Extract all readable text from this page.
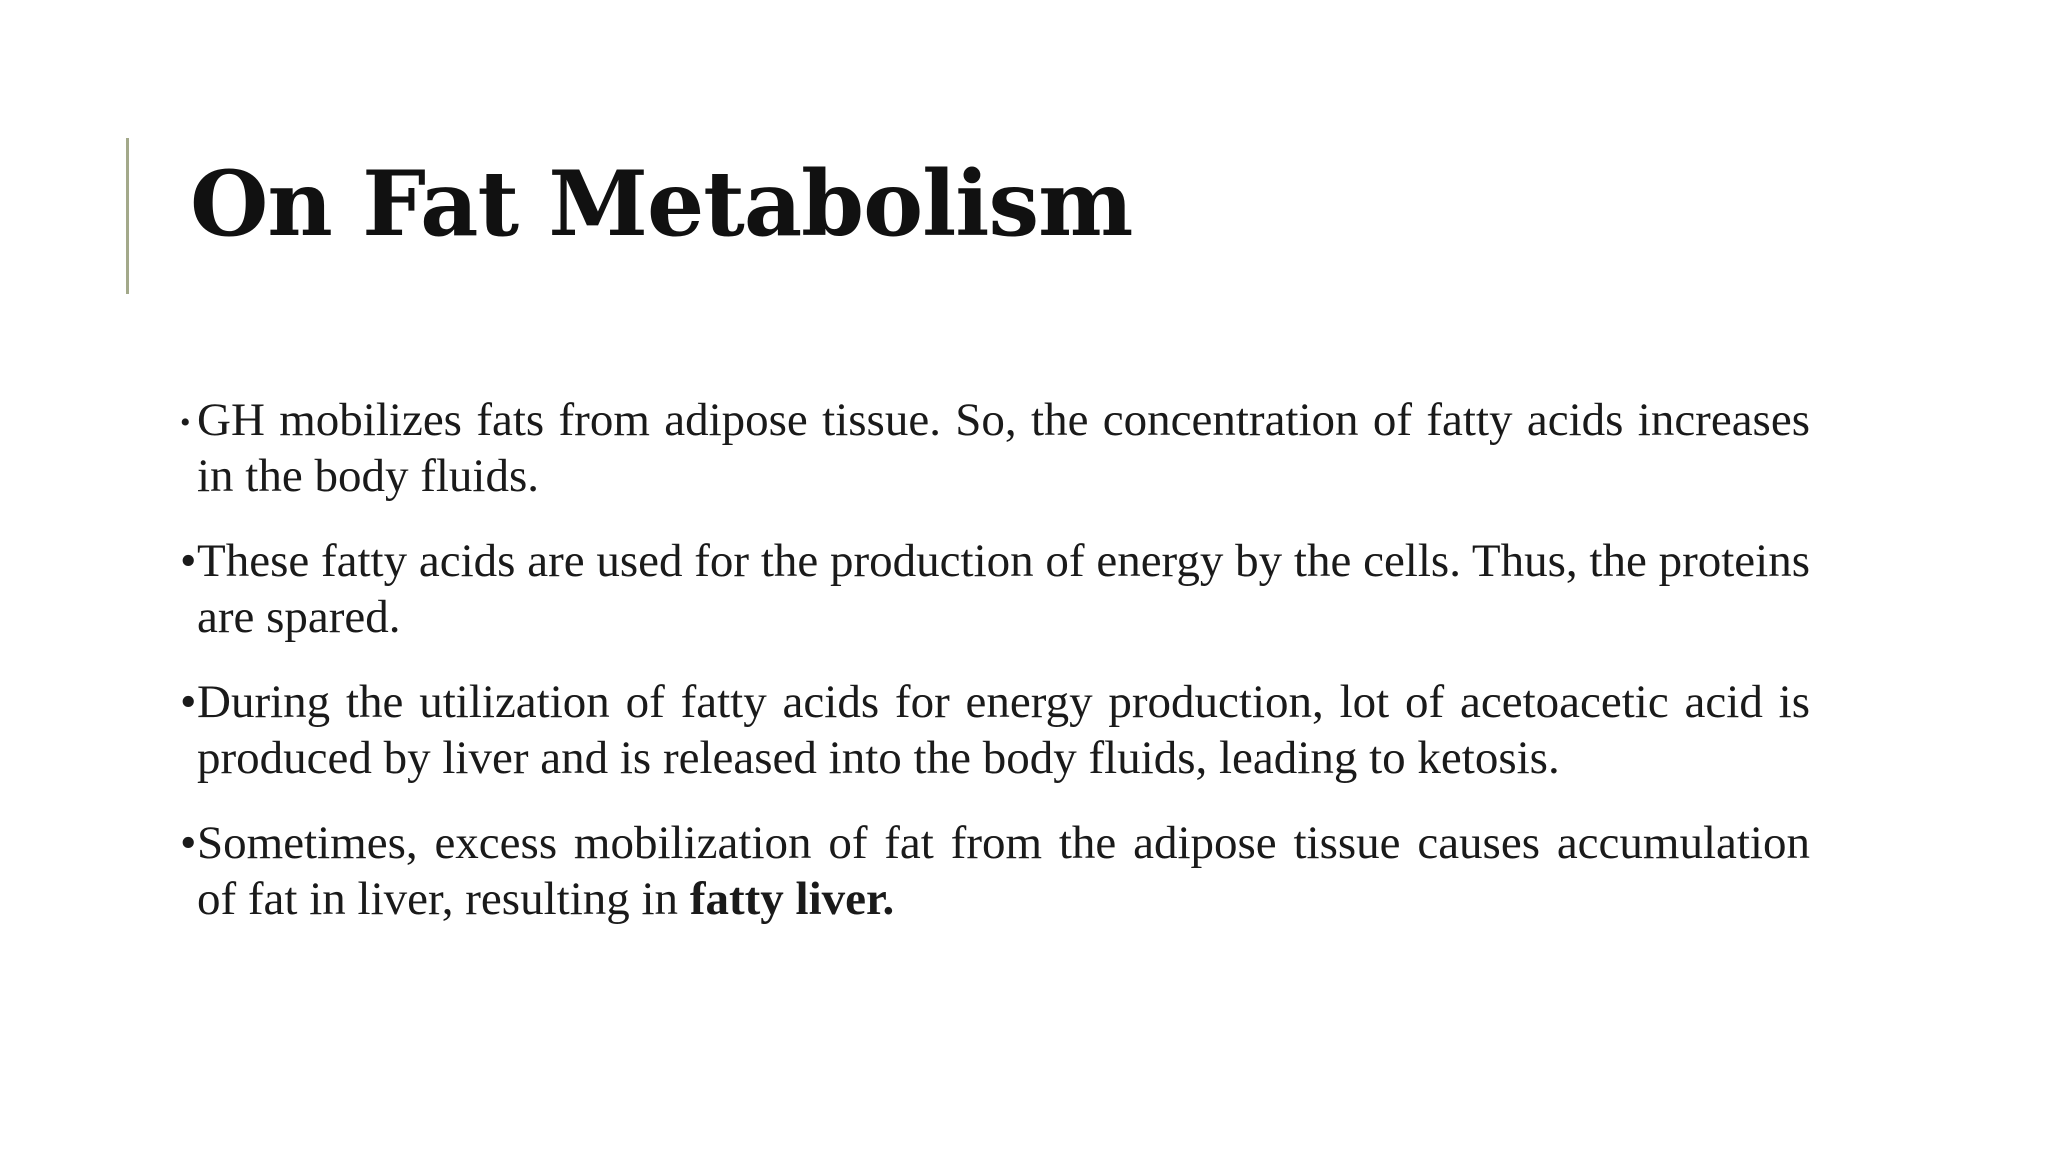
On Fat Metabolism

• GH mobilizes fats from adipose tissue. So, the concentration of fatty acids increases in the body fluids.

• These fatty acids are used for the production of energy by the cells. Thus, the proteins are spared.

• During the utilization of fatty acids for energy production, lot of acetoacetic acid is produced by liver and is released into the body fluids, leading to ketosis.

• Sometimes, excess mobilization of fat from the adipose tissue causes accumulation of fat in liver, resulting in fatty liver.
